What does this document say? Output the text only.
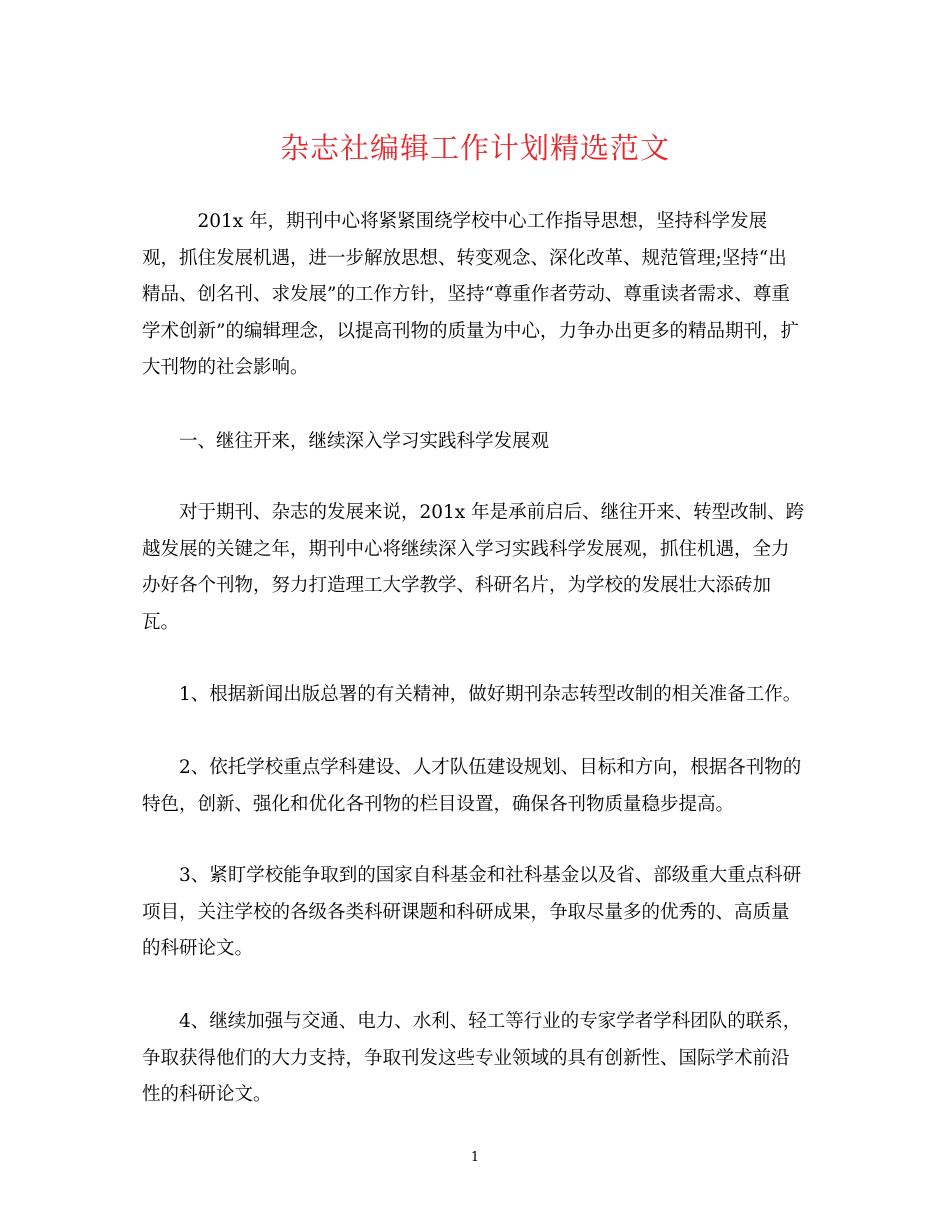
杂志社编辑工作计划精选范文

　　　201x 年，期刊中心将紧紧围绕学校中心工作指导思想，坚持科学发展
观，抓住发展机遇，进一步解放思想、转变观念、深化改革、规范管理;坚持“出
精品、创名刊、求发展”的工作方针，坚持“尊重作者劳动、尊重读者需求、尊重
学术创新”的编辑理念，以提高刊物的质量为中心，力争办出更多的精品期刊，扩
大刊物的社会影响。

　　一、继往开来，继续深入学习实践科学发展观

　　对于期刊、杂志的发展来说，201x 年是承前启后、继往开来、转型改制、跨
越发展的关键之年，期刊中心将继续深入学习实践科学发展观，抓住机遇，全力
办好各个刊物，努力打造理工大学教学、科研名片，为学校的发展壮大添砖加
瓦。

　　1、根据新闻出版总署的有关精神，做好期刊杂志转型改制的相关准备工作。

　　2、依托学校重点学科建设、人才队伍建设规划、目标和方向，根据各刊物的
特色，创新、强化和优化各刊物的栏目设置，确保各刊物质量稳步提高。

　　3、紧盯学校能争取到的国家自科基金和社科基金以及省、部级重大重点科研
项目，关注学校的各级各类科研课题和科研成果，争取尽量多的优秀的、高质量
的科研论文。

　　4、继续加强与交通、电力、水利、轻工等行业的专家学者学科团队的联系，
争取获得他们的大力支持，争取刊发这些专业领域的具有创新性、国际学术前沿
性的科研论文。

1
